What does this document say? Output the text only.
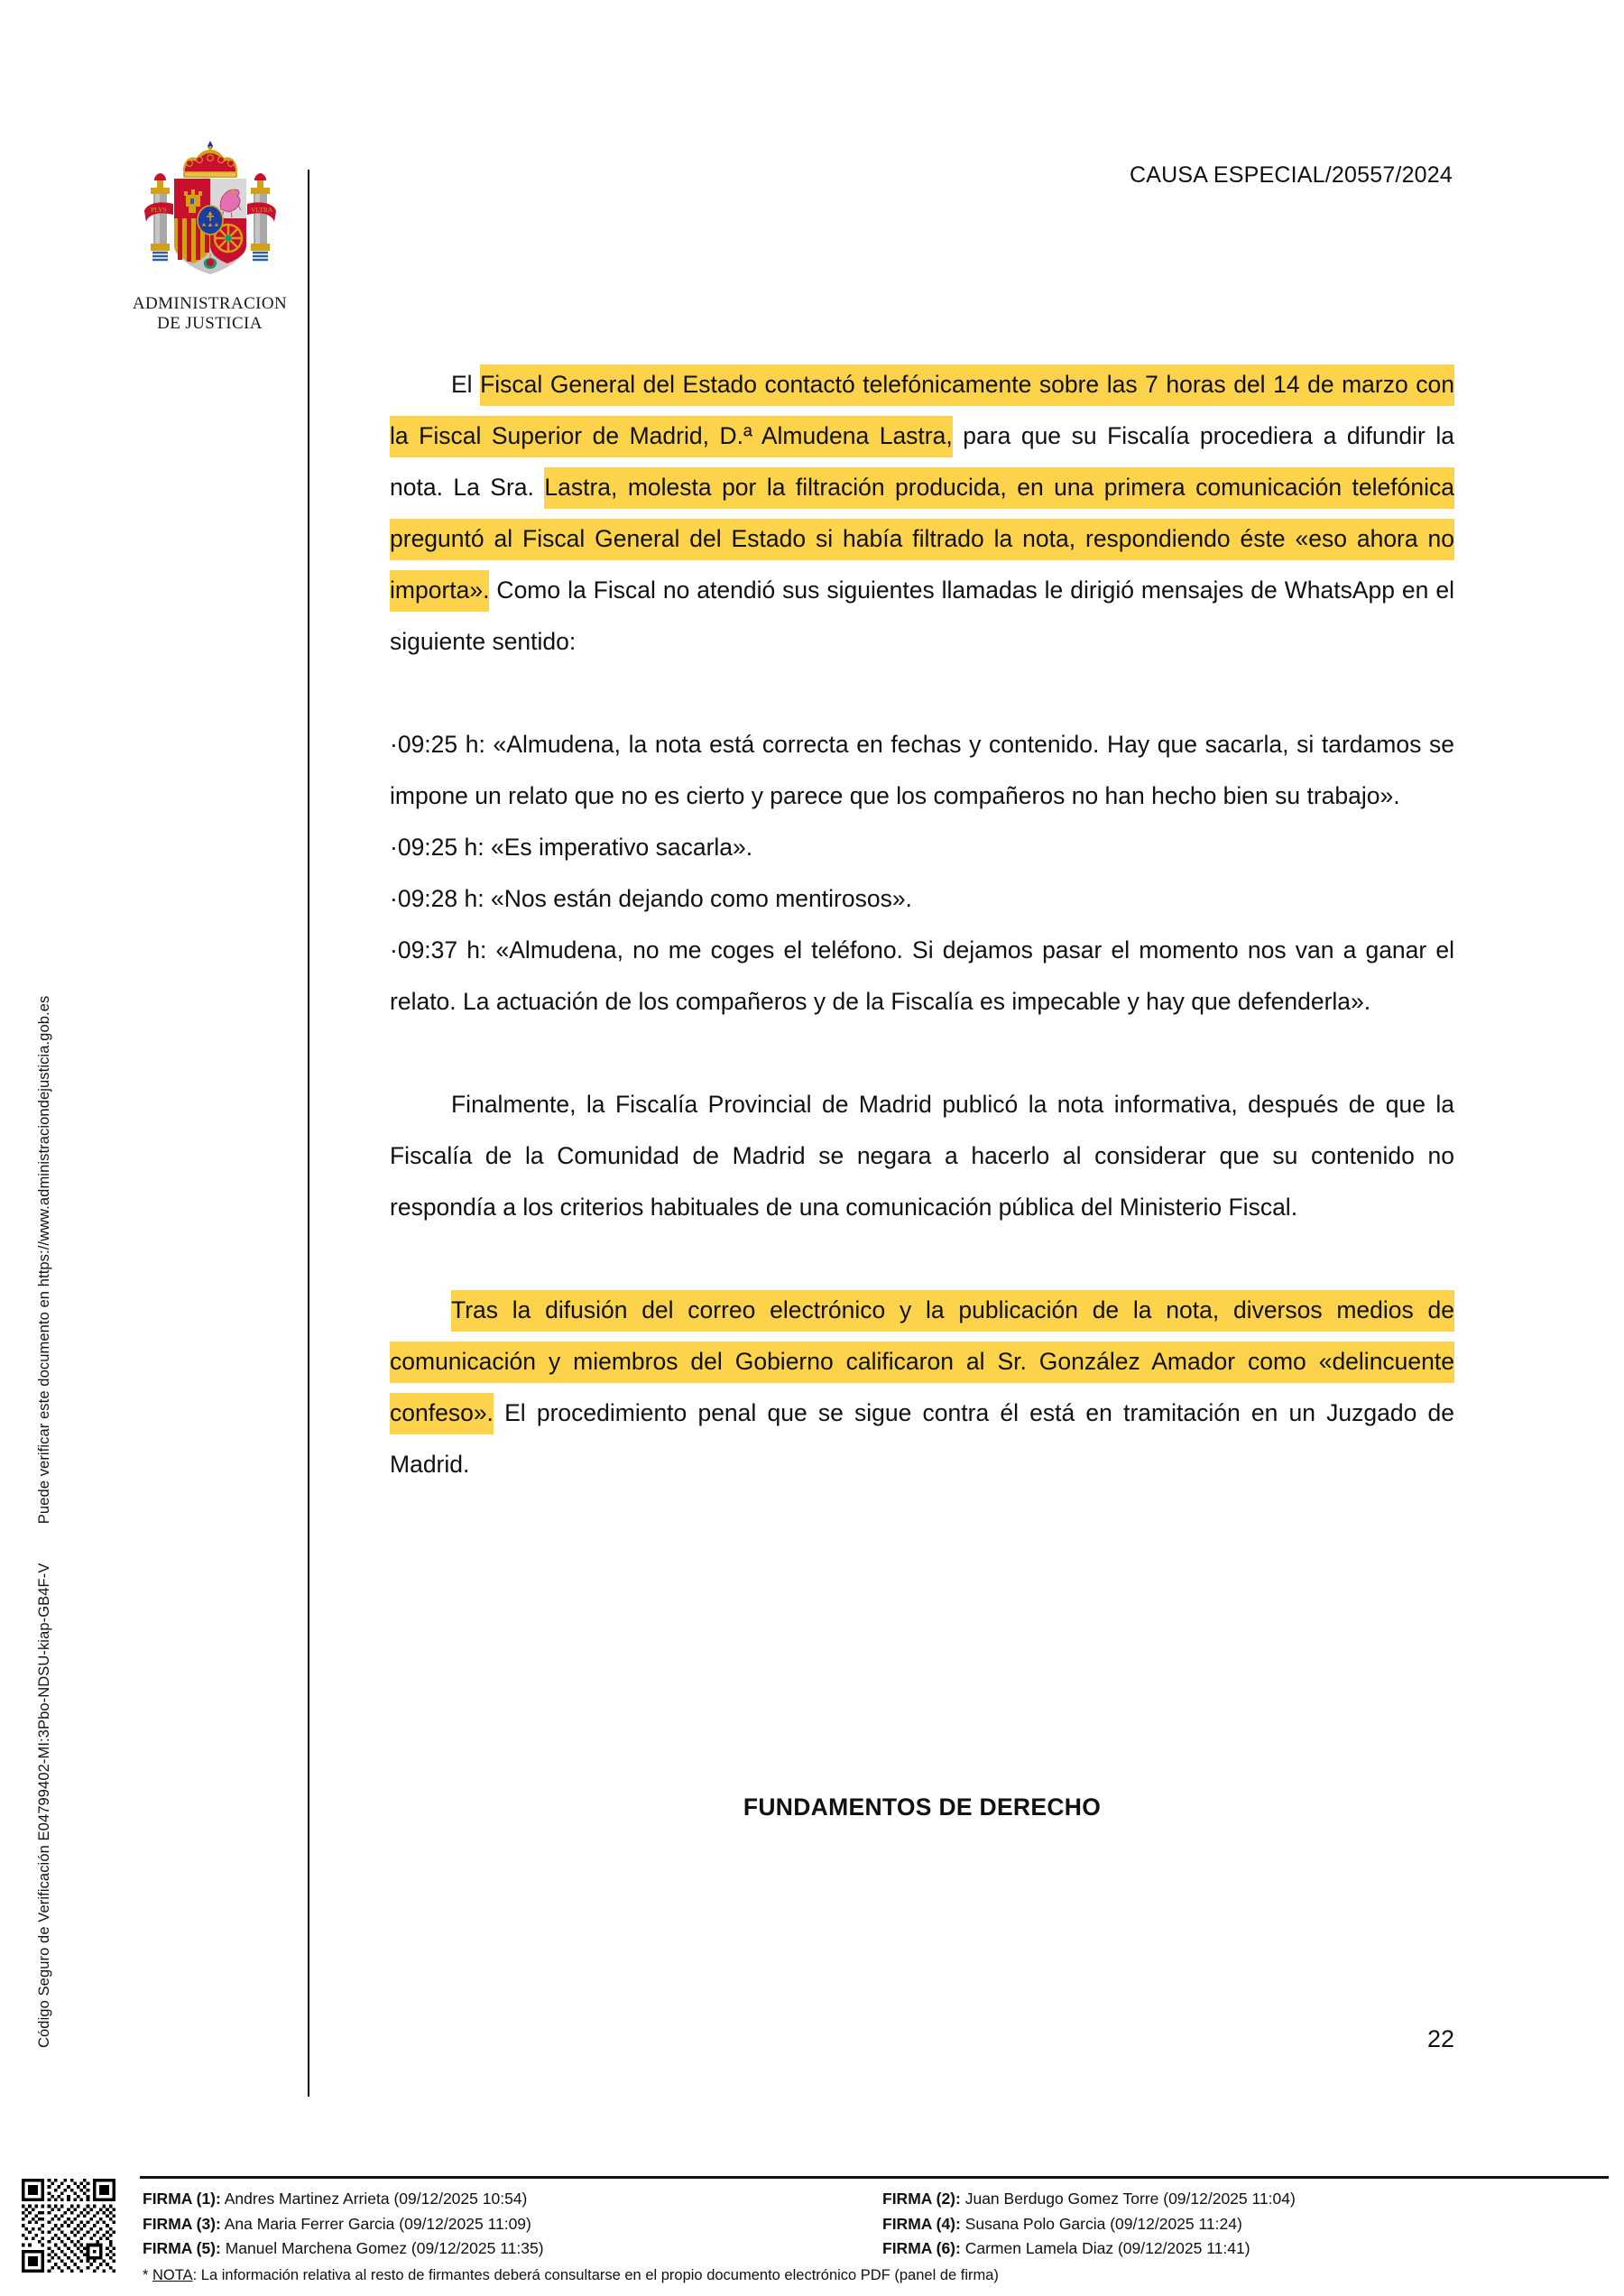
Código Seguro de Verificación E04799402-MI:3Pbo-NDSU-kiap-GB4F-V  Puede verificar este documento en https://www.administraciondejusticia.gob.es
PLVS	VLTRA
ADMINISTRACION
DE JUSTICIA
CAUSA ESPECIAL/20557/2024

El Fiscal General del Estado contactó telefónicamente sobre las 7 horas del 14 de marzo con la Fiscal Superior de Madrid, D.ª Almudena Lastra, para que su Fiscalía procediera a difundir la nota. La Sra. Lastra, molesta por la filtración producida, en una primera comunicación telefónica preguntó al Fiscal General del Estado si había filtrado la nota, respondiendo éste «eso ahora no importa». Como la Fiscal no atendió sus siguientes llamadas le dirigió mensajes de WhatsApp en el siguiente sentido:

·09:25 h: «Almudena, la nota está correcta en fechas y contenido. Hay que sacarla, si tardamos se impone un relato que no es cierto y parece que los compañeros no han hecho bien su trabajo».

·09:25 h: «Es imperativo sacarla».

·09:28 h: «Nos están dejando como mentirosos».

·09:37 h: «Almudena, no me coges el teléfono. Si dejamos pasar el momento nos van a ganar el relato. La actuación de los compañeros y de la Fiscalía es impecable y hay que defenderla».

Finalmente, la Fiscalía Provincial de Madrid publicó la nota informativa, después de que la Fiscalía de la Comunidad de Madrid se negara a hacerlo al considerar que su contenido no respondía a los criterios habituales de una comunicación pública del Ministerio Fiscal.

Tras la difusión del correo electrónico y la publicación de la nota, diversos medios de comunicación y miembros del Gobierno calificaron al Sr. González Amador como «delincuente confeso». El procedimiento penal que se sigue contra él está en tramitación en un Juzgado de Madrid.

FUNDAMENTOS DE DERECHO
22
FIRMA (1): Andres Martinez Arrieta (09/12/2025 10:54)
FIRMA (3): Ana Maria Ferrer Garcia (09/12/2025 11:09)
FIRMA (5): Manuel Marchena Gomez (09/12/2025 11:35)
FIRMA (2): Juan Berdugo Gomez Torre (09/12/2025 11:04)
FIRMA (4): Susana Polo Garcia (09/12/2025 11:24)
FIRMA (6): Carmen Lamela Diaz (09/12/2025 11:41)
* NOTA: La información relativa al resto de firmantes deberá consultarse en el propio documento electrónico PDF (panel de firma)
